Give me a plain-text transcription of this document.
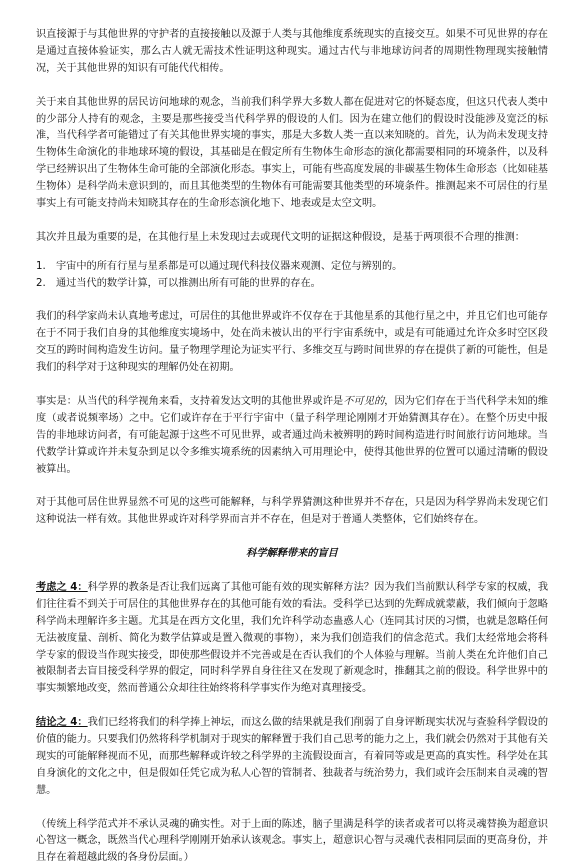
识直接源于与其他世界的守护者的直接接触以及源于人类与其他维度系统现实的直接交互。如果不可见世界的存在是通过直接体验证实，那么古人就无需技术性证明这种现实。通过古代与非地球访问者的周期性物理现实接触情况，关于其他世界的知识有可能代代相传。

关于来自其他世界的居民访问地球的观念，当前我们科学界大多数人都在促进对它的怀疑态度，但这只代表人类中的少部分人持有的观念，主要是那些接受当代科学界的假设的人们。因为在建立他们的假设时没能涉及宽泛的标准，当代科学者可能错过了有关其他世界实境的事实，那是大多数人类一直以来知晓的。首先，认为尚未发现支持生物体生命演化的非地球环境的假设，其基础是在假定所有生物体生命形态的演化都需要相同的环境条件，以及科学已经辨识出了生物体生命可能的全部演化形态。事实上，可能有些高度发展的非碳基生物体生命形态（比如硅基生物体）是科学尚未意识到的，而且其他类型的生物体有可能需要其他类型的环境条件。推测起来不可居住的行星事实上有可能支持尚未知晓其存在的生命形态演化地下、地表或是太空文明。

其次并且最为重要的是，在其他行星上未发现过去或现代文明的证据这种假设，是基于两项很不合理的推测：

1.	宇宙中的所有行星与星系都是可以通过现代科技仪器来观测、定位与辨别的。
2.	通过当代的数学计算，可以推测出所有可能的世界的存在。

我们的科学家尚未认真地考虑过，可居住的其他世界或许不仅存在于其他星系的其他行星之中，并且它们也可能存在于不同于我们自身的其他维度实境场中，处在尚未被认出的平行宇宙系统中，或是有可能通过允许众多时空区段交互的跨时间构造发生访问。量子物理学理论为证实平行、多维交互与跨时间世界的存在提供了新的可能性，但是我们的科学对于这种现实的理解仍处在初期。

事实是：从当代的科学视角来看，支持着发达文明的其他世界或许是不可见的，因为它们存在于当代科学未知的维度（或者说频率场）之中。它们或许存在于平行宇宙中（量子科学理论刚刚才开始猜测其存在）。在整个历史中报告的非地球访问者，有可能起源于这些不可见世界，或者通过尚未被辨明的跨时间构造进行时间旅行访问地球。当代数学计算或许并未复杂到足以令多维实境系统的因素纳入可用理论中，使得其他世界的位置可以通过清晰的假设被算出。

对于其他可居住世界显然不可见的这些可能解释，与科学界猜测这种世界并不存在，只是因为科学界尚未发现它们这种说法一样有效。其他世界或许对科学界而言并不存在，但是对于普通人类整体，它们始终存在。

科学解释带来的盲目

考虑之 4：科学界的教条是否让我们远离了其他可能有效的现实解释方法？因为我们当前默认科学专家的权威，我们往往看不到关于可居住的其他世界存在的其他可能有效的看法。受科学已达到的先辉成就蒙蔽，我们倾向于忽略科学尚未理解许多主题。尤其是在西方文化里，我们允许科学动态蛊惑人心（连同其讨厌的习惯，也就是忽略任何无法被度量、剖析、简化为数学估算或是置入微观的事物），来为我们创造我们的信念范式。我们太经常地会将科学专家的假设当作现实接受，即使那些假设并不完善或是在否认我们的个人体验与理解。当前人类在允许他们自己被限制者去盲目接受科学界的假定，同时科学界自身往往又在发现了新观念时，推翻其之前的假设。科学世界中的事实频繁地改变，然而普通公众却往往始终将科学事实作为绝对真理接受。

结论之 4：我们已经将我们的科学捧上神坛，而这么做的结果就是我们削弱了自身评断现实状况与查验科学假设的价值的能力。只要我们仍然将科学机制对于现实的解释置于我们自己思考的能力之上，我们就会仍然对于其他有关现实的可能解释视而不见，而那些解释或许较之科学界的主流假设面言，有着同等或是更高的真实性。科学处在其自身演化的文化之中，但是假如任凭它成为私人心智的管制者、独裁者与统治势力，我们或许会压制来自灵魂的智慧。

（传统上科学范式并不承认灵魂的确实性。对于上面的陈述，脑子里满是科学的读者或者可以将灵魂替换为超意识心智这一概念，既然当代心理科学刚刚开始承认该观念。事实上，超意识心智与灵魂代表相同层面的更高身份，并且存在着超越此级的各身份层面。）
